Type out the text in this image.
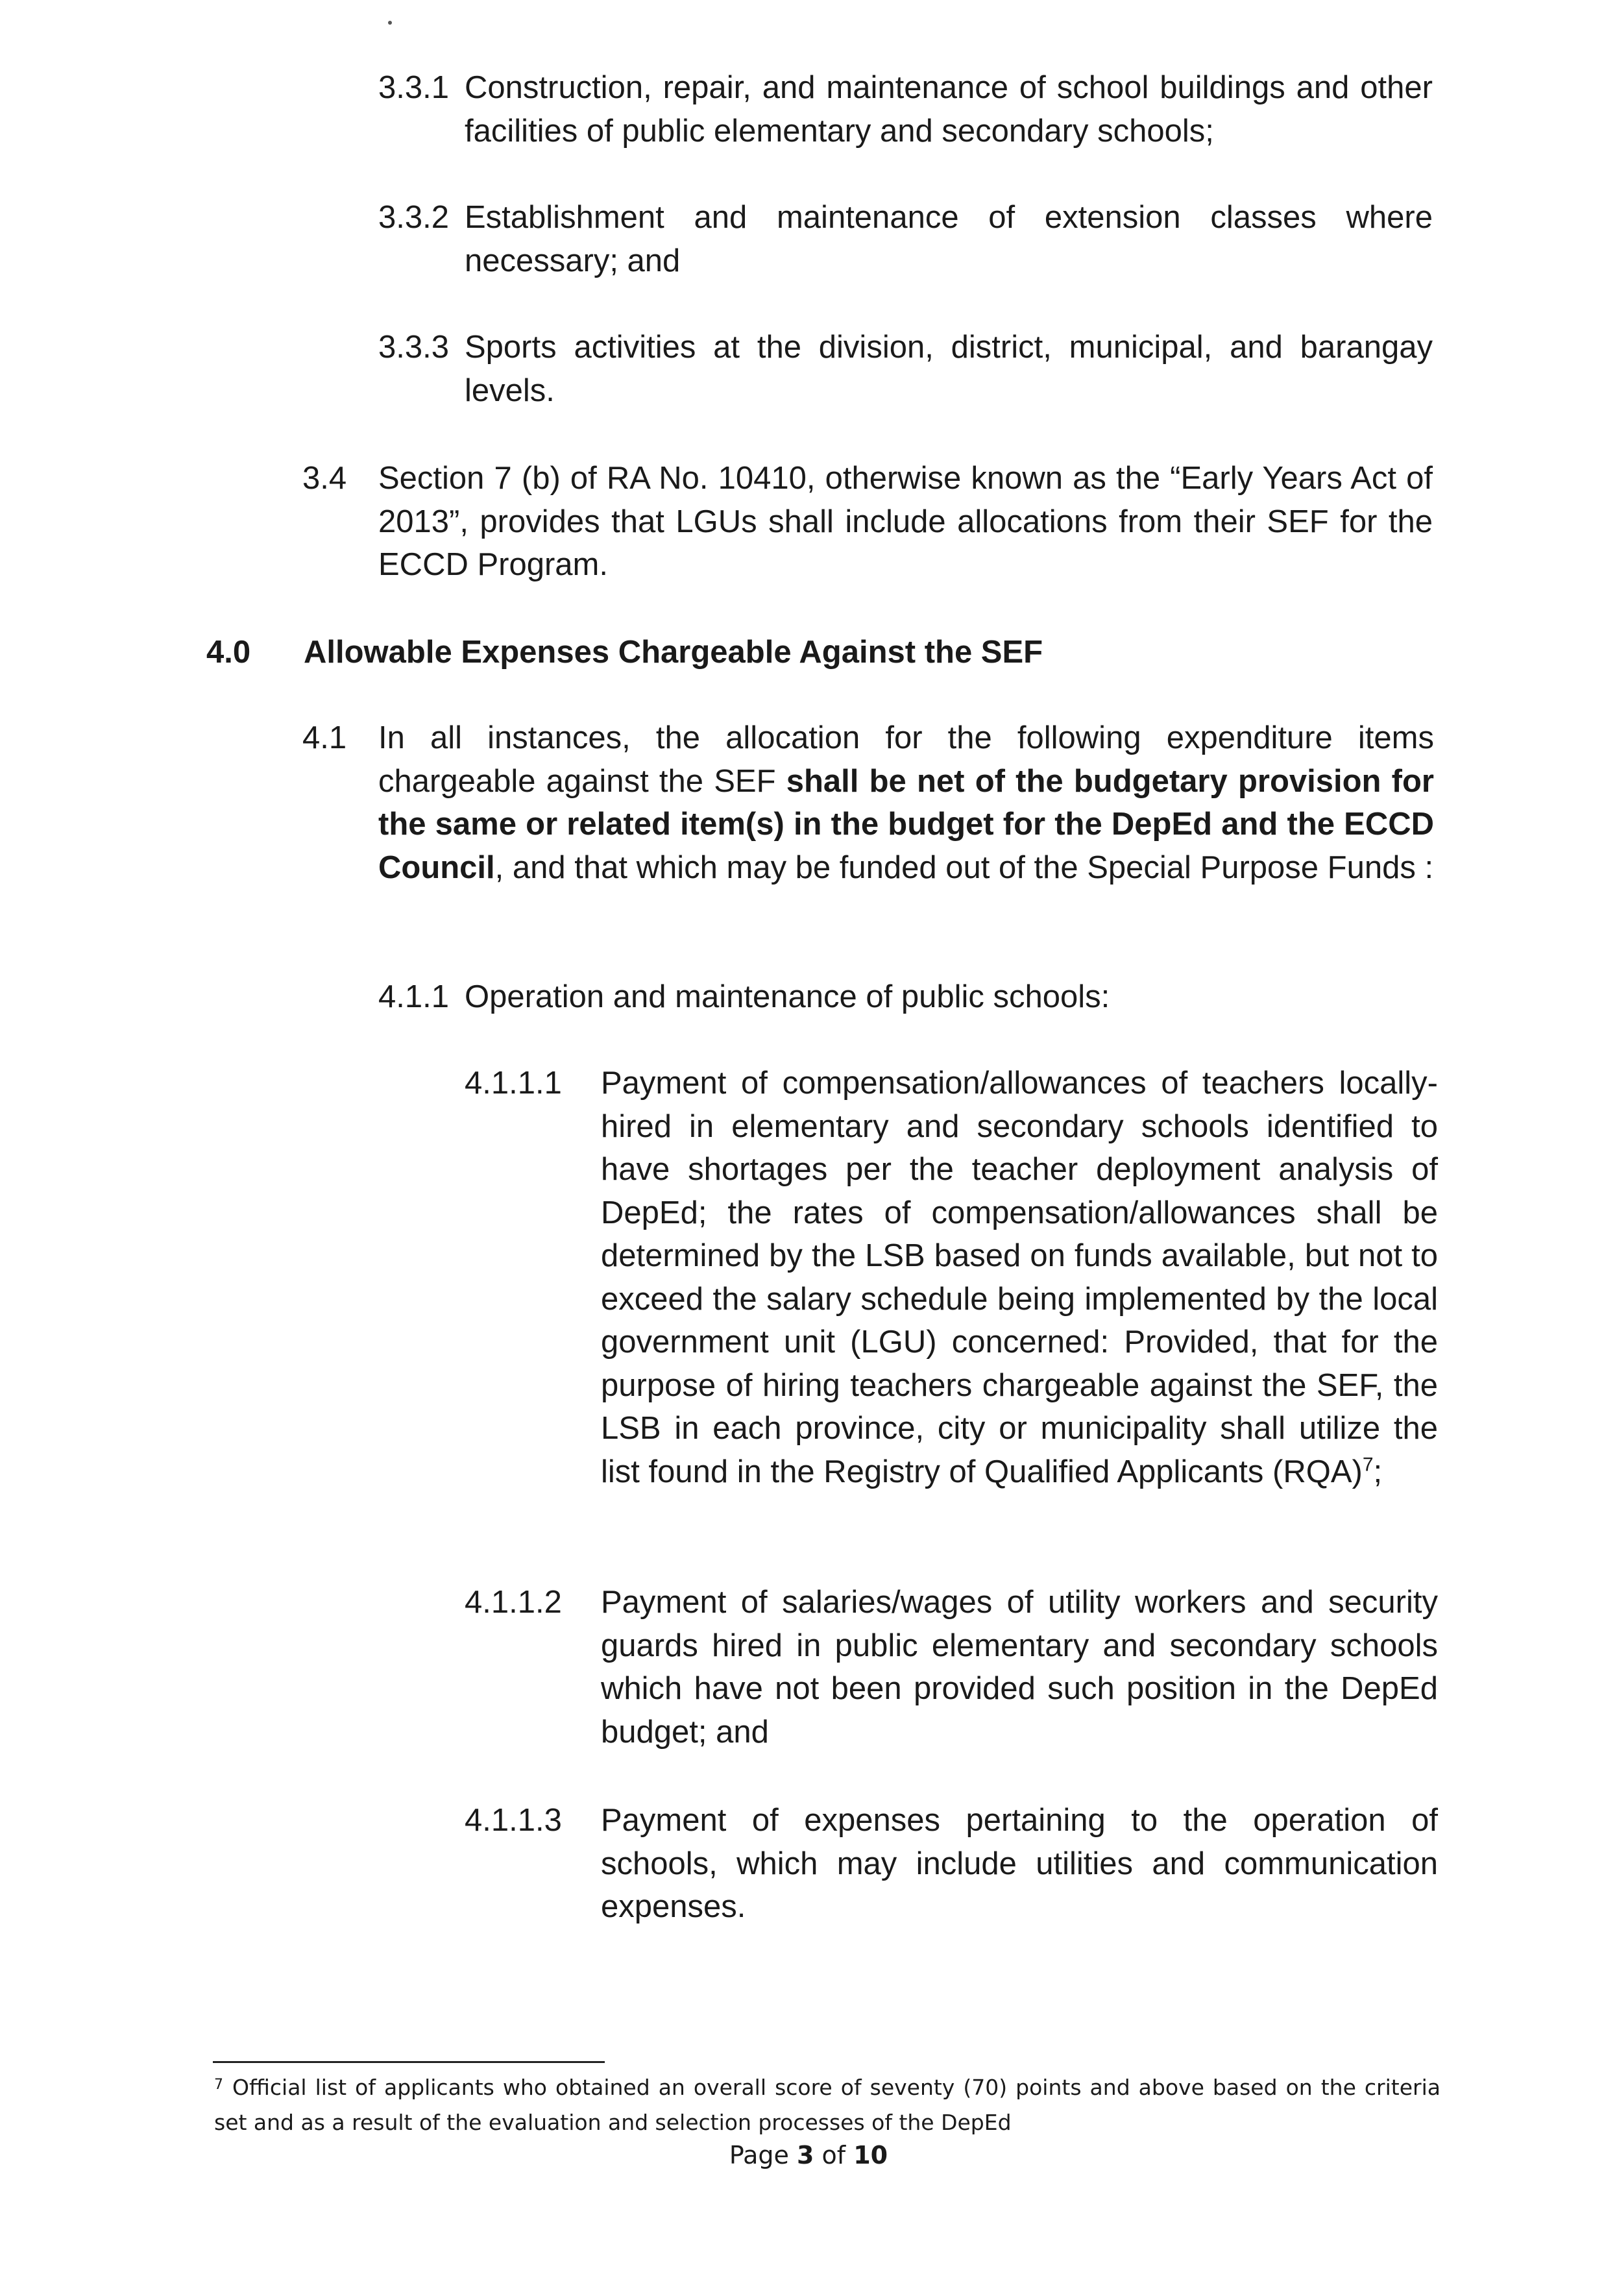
3.3.1 Construction, repair, and maintenance of school buildings and other facilities of public elementary and secondary schools;
3.3.2 Establishment and maintenance of extension classes where necessary; and
3.3.3 Sports activities at the division, district, municipal, and barangay levels.
3.4 Section 7 (b) of RA No. 10410, otherwise known as the “Early Years Act of 2013”, provides that LGUs shall include allocations from their SEF for the ECCD Program.
4.0 Allowable Expenses Chargeable Against the SEF
4.1 In all instances, the allocation for the following expenditure items chargeable against the SEF shall be net of the budgetary provision for the same or related item(s) in the budget for the DepEd and the ECCD Council, and that which may be funded out of the Special Purpose Funds :
4.1.1 Operation and maintenance of public schools:
4.1.1.1 Payment of compensation/allowances of teachers locally-hired in elementary and secondary schools identified to have shortages per the teacher deployment analysis of DepEd; the rates of compensation/allowances shall be determined by the LSB based on funds available, but not to exceed the salary schedule being implemented by the local government unit (LGU) concerned: Provided, that for the purpose of hiring teachers chargeable against the SEF, the LSB in each province, city or municipality shall utilize the list found in the Registry of Qualified Applicants (RQA)$^7$;
4.1.1.2 Payment of salaries/wages of utility workers and security guards hired in public elementary and secondary schools which have not been provided such position in the DepEd budget; and
4.1.1.3 Payment of expenses pertaining to the operation of schools, which may include utilities and communication expenses.
$^7$ Official list of applicants who obtained an overall score of seventy (70) points and above based on the criteria set and as a result of the evaluation and selection processes of the DepEd
Page 3 of 10
